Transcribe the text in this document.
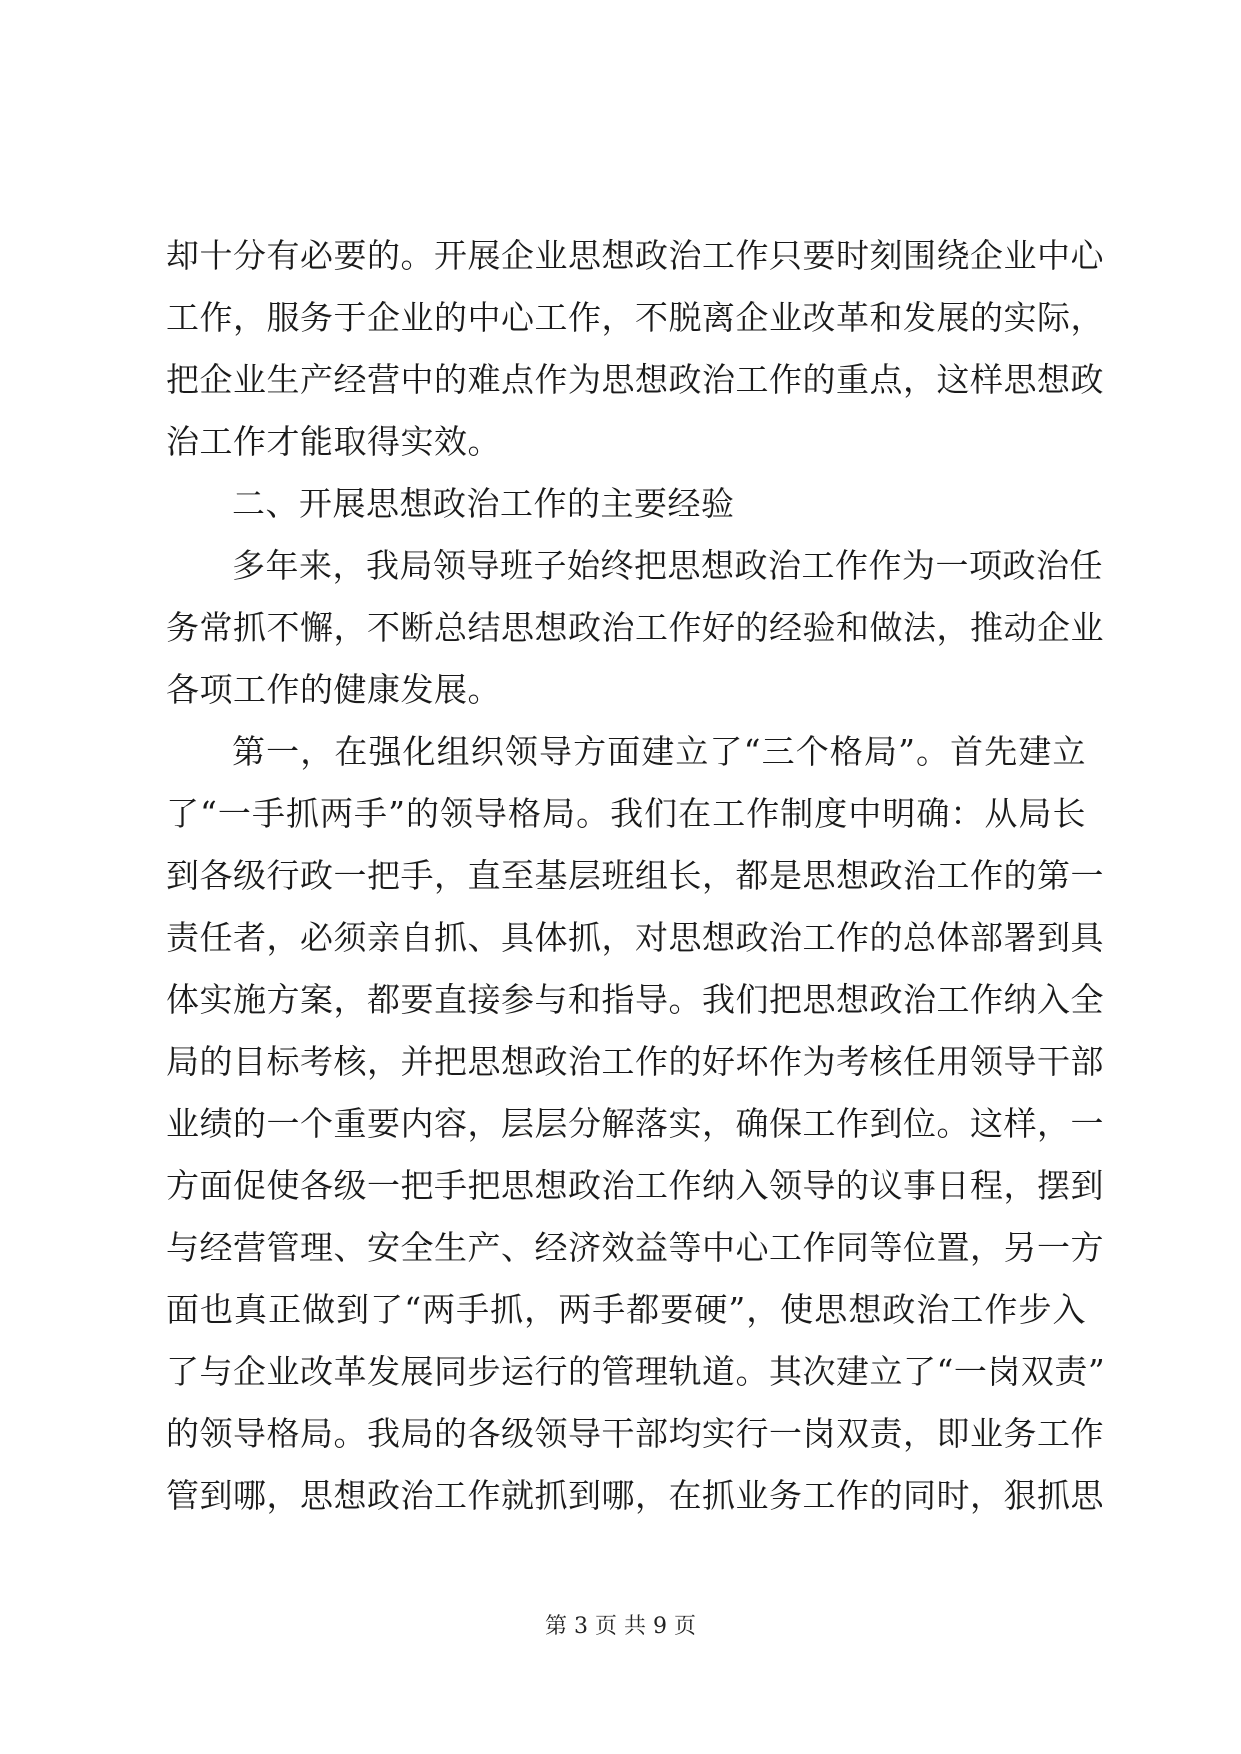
却十分有必要的。开展企业思想政治工作只要时刻围绕企业中心
工作，服务于企业的中心工作，不脱离企业改革和发展的实际，
把企业生产经营中的难点作为思想政治工作的重点，这样思想政
治工作才能取得实效。
二、开展思想政治工作的主要经验
多年来，我局领导班子始终把思想政治工作作为一项政治任
务常抓不懈，不断总结思想政治工作好的经验和做法，推动企业
各项工作的健康发展。
第一，在强化组织领导方面建立了“三个格局”。首先建立
了“一手抓两手”的领导格局。我们在工作制度中明确：从局长
到各级行政一把手，直至基层班组长，都是思想政治工作的第一
责任者，必须亲自抓、具体抓，对思想政治工作的总体部署到具
体实施方案，都要直接参与和指导。我们把思想政治工作纳入全
局的目标考核，并把思想政治工作的好坏作为考核任用领导干部
业绩的一个重要内容，层层分解落实，确保工作到位。这样，一
方面促使各级一把手把思想政治工作纳入领导的议事日程，摆到
与经营管理、安全生产、经济效益等中心工作同等位置，另一方
面也真正做到了“两手抓，两手都要硬”，使思想政治工作步入
了与企业改革发展同步运行的管理轨道。其次建立了“一岗双责”
的领导格局。我局的各级领导干部均实行一岗双责，即业务工作
管到哪，思想政治工作就抓到哪，在抓业务工作的同时，狠抓思
第 3 页 共 9 页
